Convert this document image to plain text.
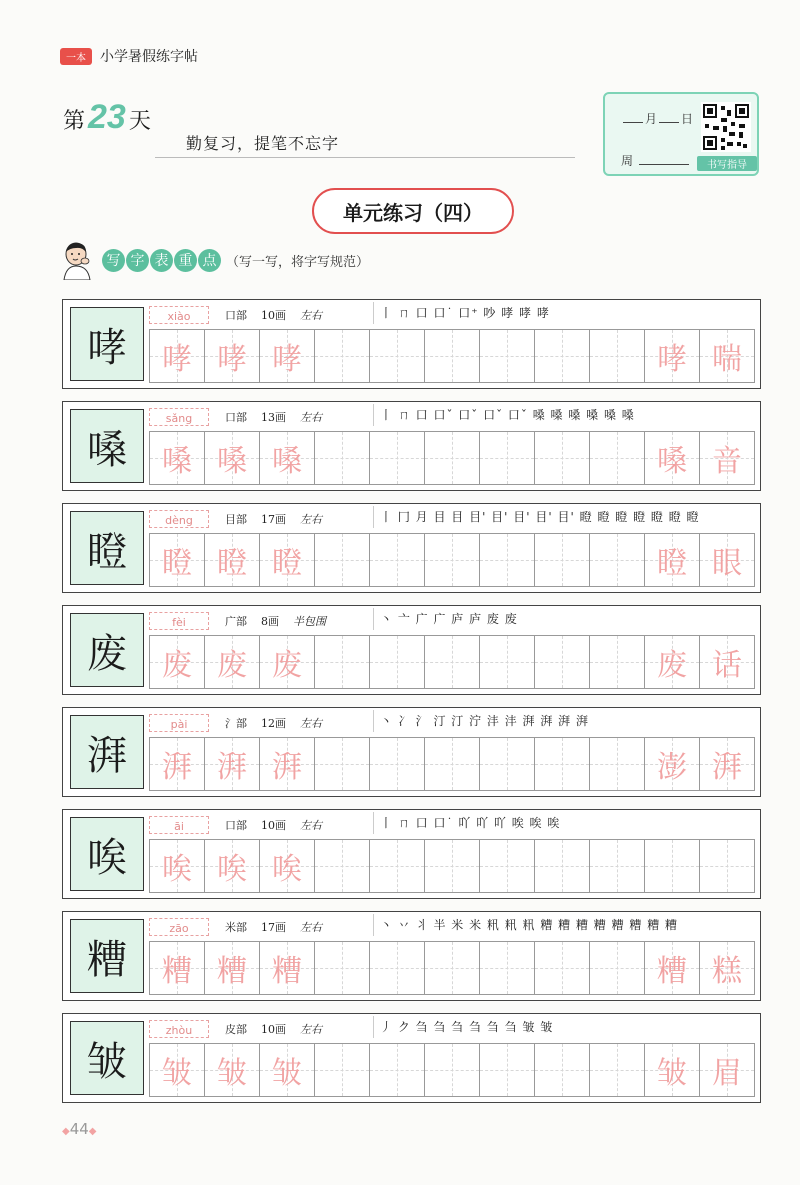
一本	小学暑假练字帖
第 23 天
勤复习，提笔不忘字
月 日
周	书写指导
单元练习（四）
写 字 表 重 点 （写一写，将字写规范）
哮
xiào	口部 10画 左右	丨 ㄇ 口 口˙ 口⁺ 吵 哮 哮 哮
哮 哮 哮	哮 喘
嗓
sǎng	口部 13画 左右	丨 ㄇ 口 口ˇ 口ˇ 口ˇ 口ˇ 嗓 嗓 嗓 嗓 嗓 嗓
嗓 嗓 嗓	嗓 音
瞪
dèng	目部 17画 左右	丨 冂 月 目 目 目' 目' 目' 目' 目' 瞪 瞪 瞪 瞪 瞪 瞪 瞪
瞪 瞪 瞪	瞪 眼
废
fèi	广部 8画 半包围	丶 亠 广 广 庐 庐 废 废
废 废 废	废 话
湃
pài	氵部 12画 左右	丶 冫 氵 汀 汀 泞 沣 沣 湃 湃 湃 湃
湃 湃 湃	澎 湃
唉
āi	口部 10画 左右	丨 ㄇ 口 口˙ 吖 吖 吖 唉 唉 唉
唉 唉 唉
糟
zāo	米部 17画 左右	丶 丷 丬 半 米 米 籸 籸 籸 糟 糟 糟 糟 糟 糟 糟 糟
糟 糟 糟	糟 糕
皱
zhòu	皮部 10画 左右	丿 ク 刍 刍 刍 刍 刍 刍 皱 皱
皱 皱 皱	皱 眉
◆44◆
